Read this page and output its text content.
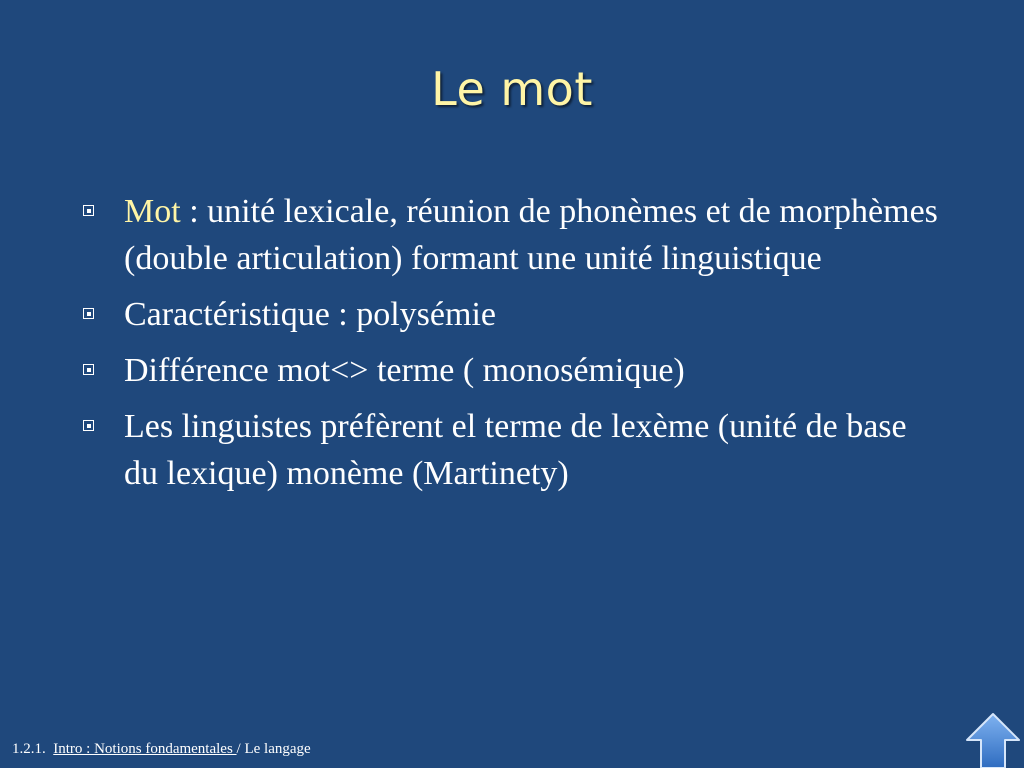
Le mot
Mot : unité lexicale, réunion de phonèmes et de morphèmes (double articulation) formant une unité linguistique
Caractéristique : polysémie
Différence mot<> terme ( monosémique)
Les linguistes préfèrent el terme de lexème (unité de base du lexique) monème (Martinety)
1.2.1.  Intro : Notions fondamentales / Le langage
